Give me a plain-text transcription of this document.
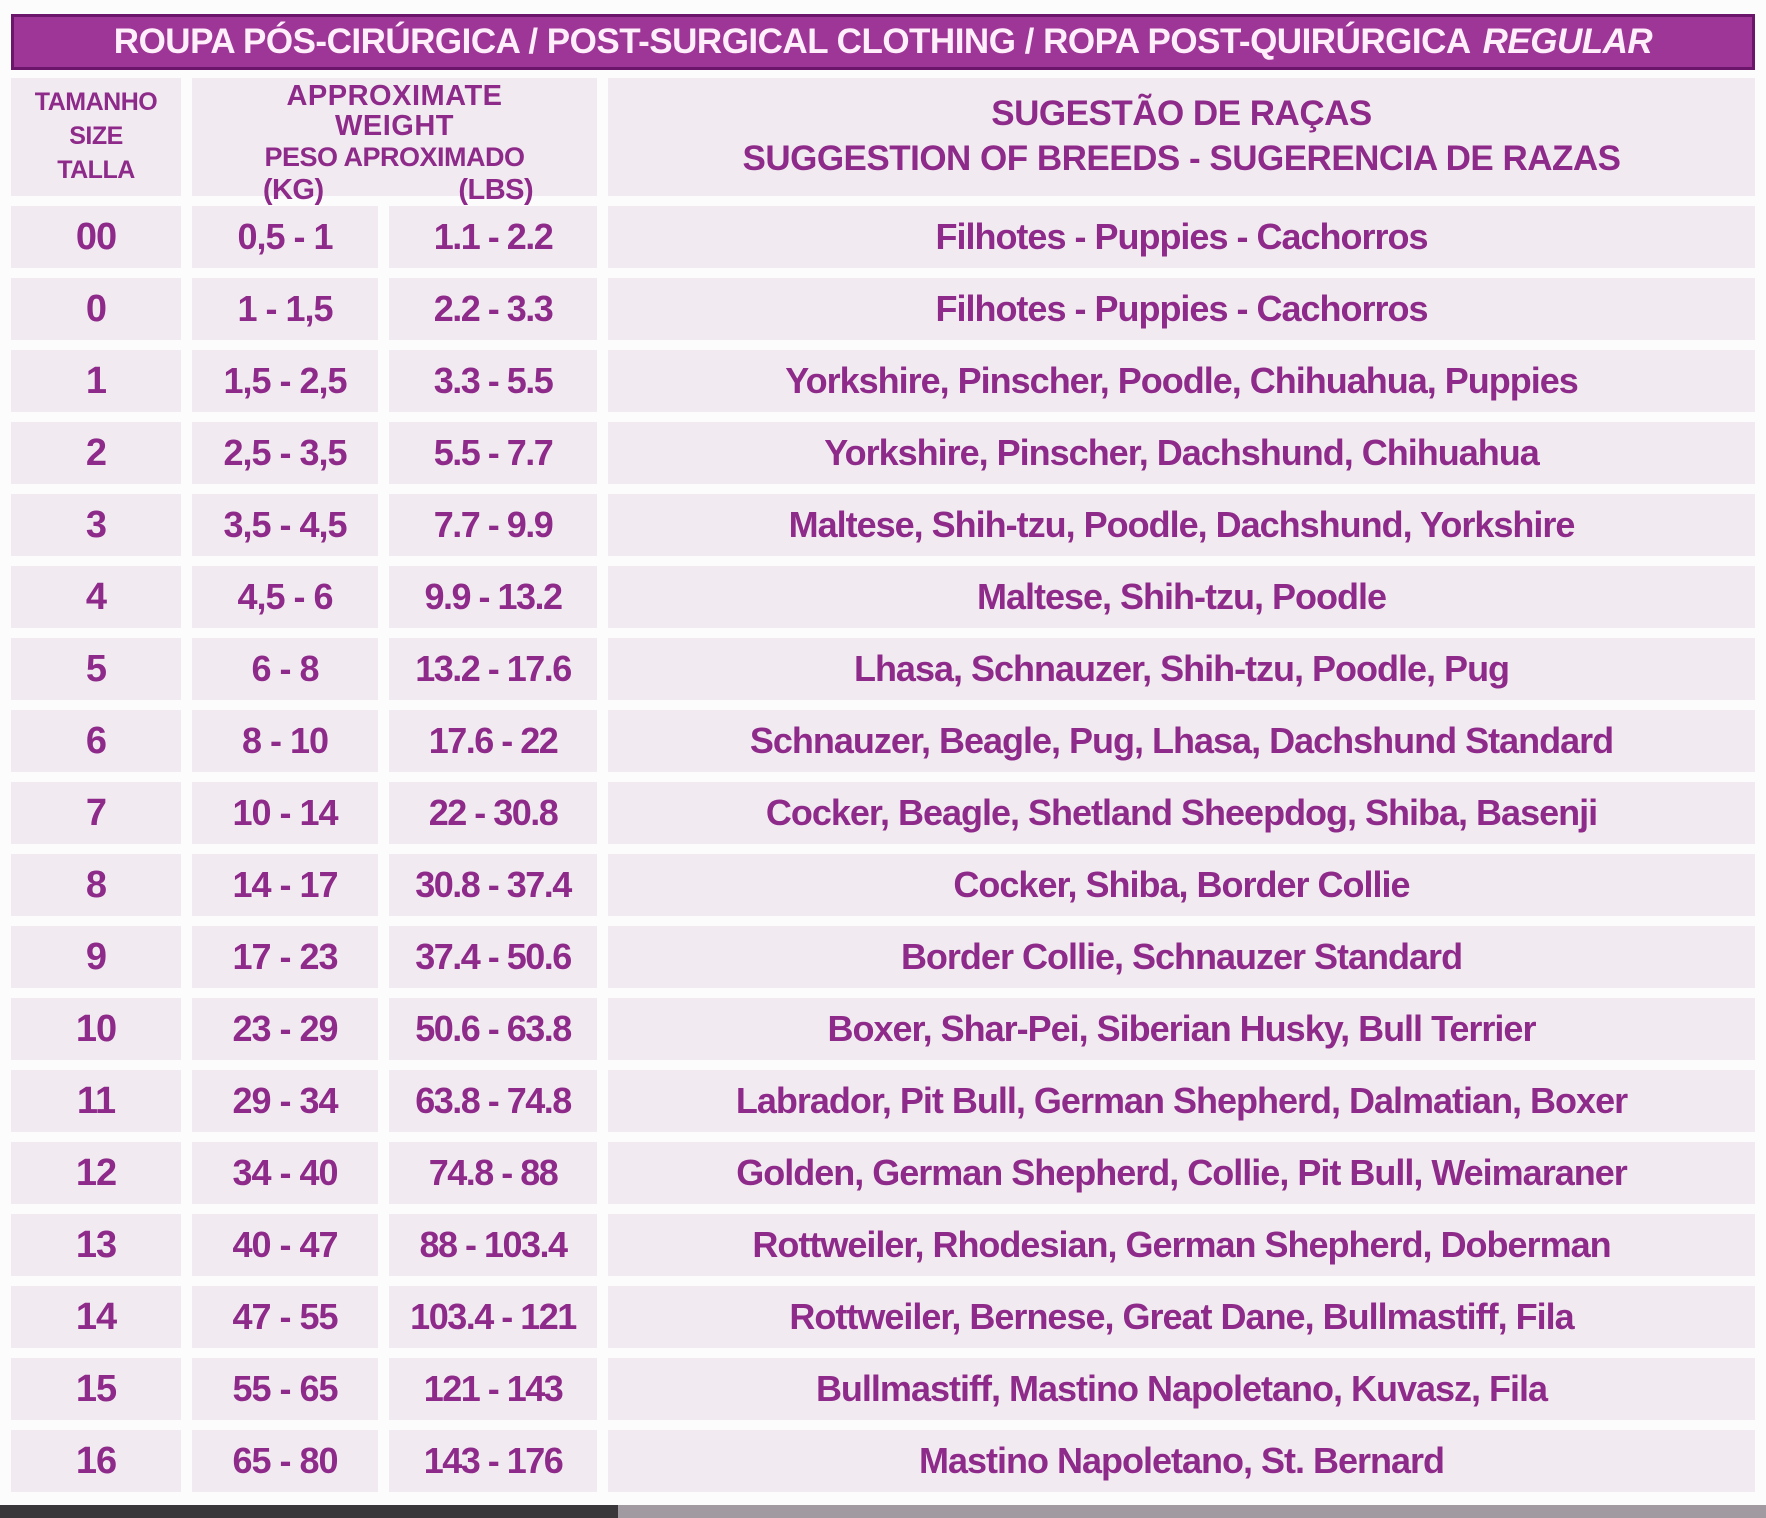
ROUPA PÓS-CIRÚRGICA / POST-SURGICAL CLOTHING / ROPA POST-QUIRÚRGICA REGULAR
TAMANHO
SIZE
TALLA
APPROXIMATE
WEIGHT
PESO APROXIMADO
(KG)	(LBS)
SUGESTÃO DE RAÇAS
SUGGESTION OF BREEDS - SUGERENCIA DE RAZAS
00	0,5 - 1	1.1 - 2.2	Filhotes - Puppies - Cachorros
0	1 - 1,5	2.2 - 3.3	Filhotes - Puppies - Cachorros
1	1,5 - 2,5	3.3 - 5.5	Yorkshire, Pinscher, Poodle, Chihuahua, Puppies
2	2,5 - 3,5	5.5 - 7.7	Yorkshire, Pinscher, Dachshund, Chihuahua
3	3,5 - 4,5	7.7 - 9.9	Maltese, Shih-tzu, Poodle, Dachshund, Yorkshire
4	4,5 - 6	9.9 - 13.2	Maltese, Shih-tzu, Poodle
5	6 - 8	13.2 - 17.6	Lhasa, Schnauzer, Shih-tzu, Poodle, Pug
6	8 - 10	17.6 - 22	Schnauzer, Beagle, Pug, Lhasa, Dachshund Standard
7	10 - 14	22 - 30.8	Cocker, Beagle, Shetland Sheepdog, Shiba, Basenji
8	14 - 17	30.8 - 37.4	Cocker, Shiba, Border Collie
9	17 - 23	37.4 - 50.6	Border Collie, Schnauzer Standard
10	23 - 29	50.6 - 63.8	Boxer, Shar-Pei, Siberian Husky, Bull Terrier
11	29 - 34	63.8 - 74.8	Labrador, Pit Bull, German Shepherd, Dalmatian, Boxer
12	34 - 40	74.8 - 88	Golden, German Shepherd, Collie, Pit Bull, Weimaraner
13	40 - 47	88 - 103.4	Rottweiler, Rhodesian, German Shepherd, Doberman
14	47 - 55	103.4 - 121	Rottweiler, Bernese, Great Dane, Bullmastiff, Fila
15	55 - 65	121 - 143	Bullmastiff, Mastino Napoletano, Kuvasz, Fila
16	65 - 80	143 - 176	Mastino Napoletano, St. Bernard
